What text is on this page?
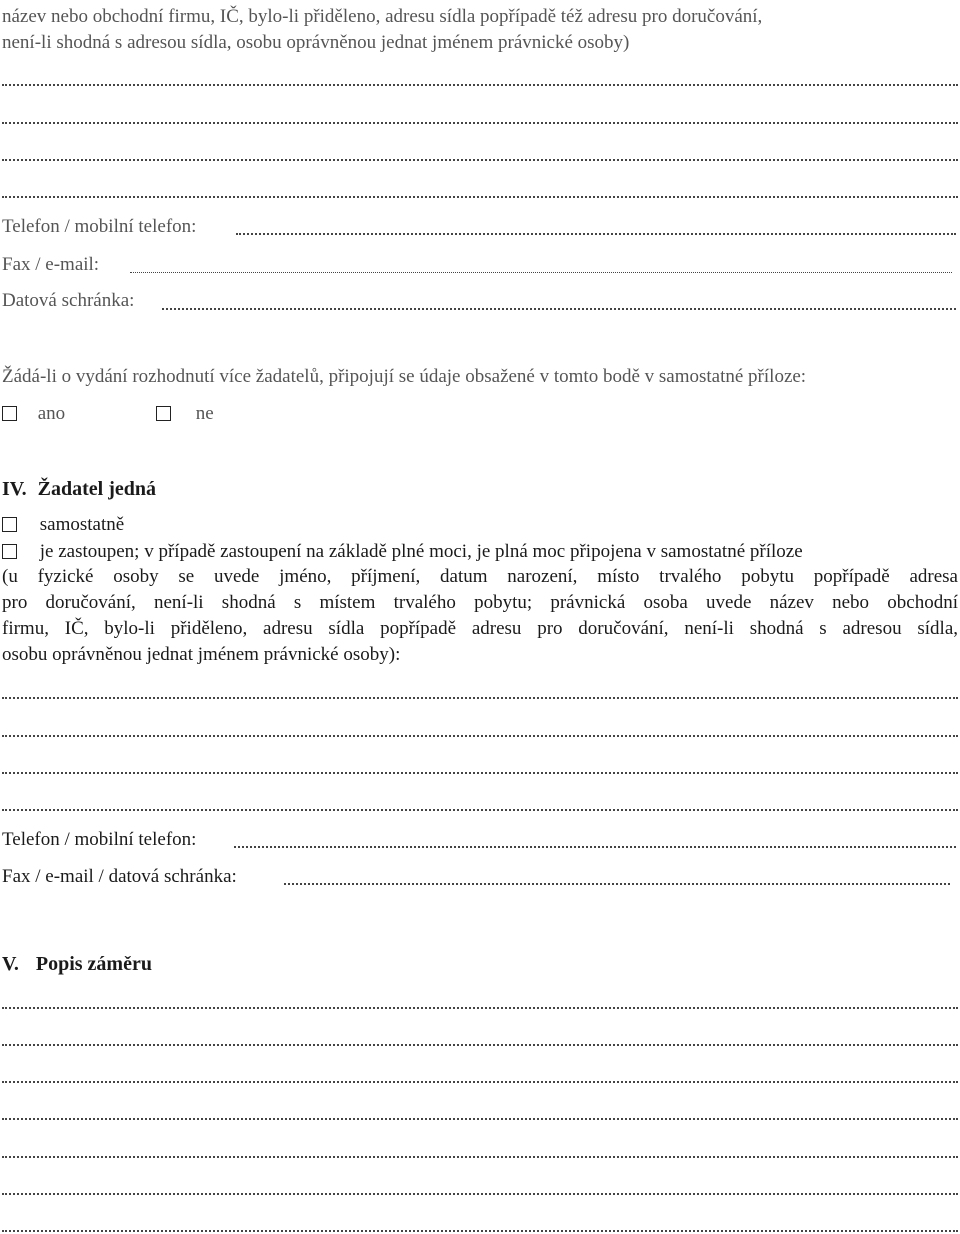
název nebo obchodní firmu, IČ, bylo-li přiděleno, adresu sídla popřípadě též adresu pro doručování,
není-li shodná s adresou sídla, osobu oprávněnou jednat jménem právnické osoby)
Telefon / mobilní telefon:
Fax / e-mail:
Datová schránka:
Žádá-li o vydání rozhodnutí více žadatelů, připojují se údaje obsažené v tomto bodě v samostatné příloze:
ano	ne
IV. Žadatel jedná
samostatně
je zastoupen; v případě zastoupení na základě plné moci, je plná moc připojena v samostatné příloze
(u fyzické osoby se uvede jméno, příjmení, datum narození, místo trvalého pobytu popřípadě adresa
pro doručování, není-li shodná s místem trvalého pobytu; právnická osoba uvede název nebo obchodní
firmu, IČ, bylo-li přiděleno, adresu sídla popřípadě adresu pro doručování, není-li shodná s adresou sídla,
osobu oprávněnou jednat jménem právnické osoby):
Telefon / mobilní telefon:
Fax / e-mail / datová schránka:
V. Popis záměru
